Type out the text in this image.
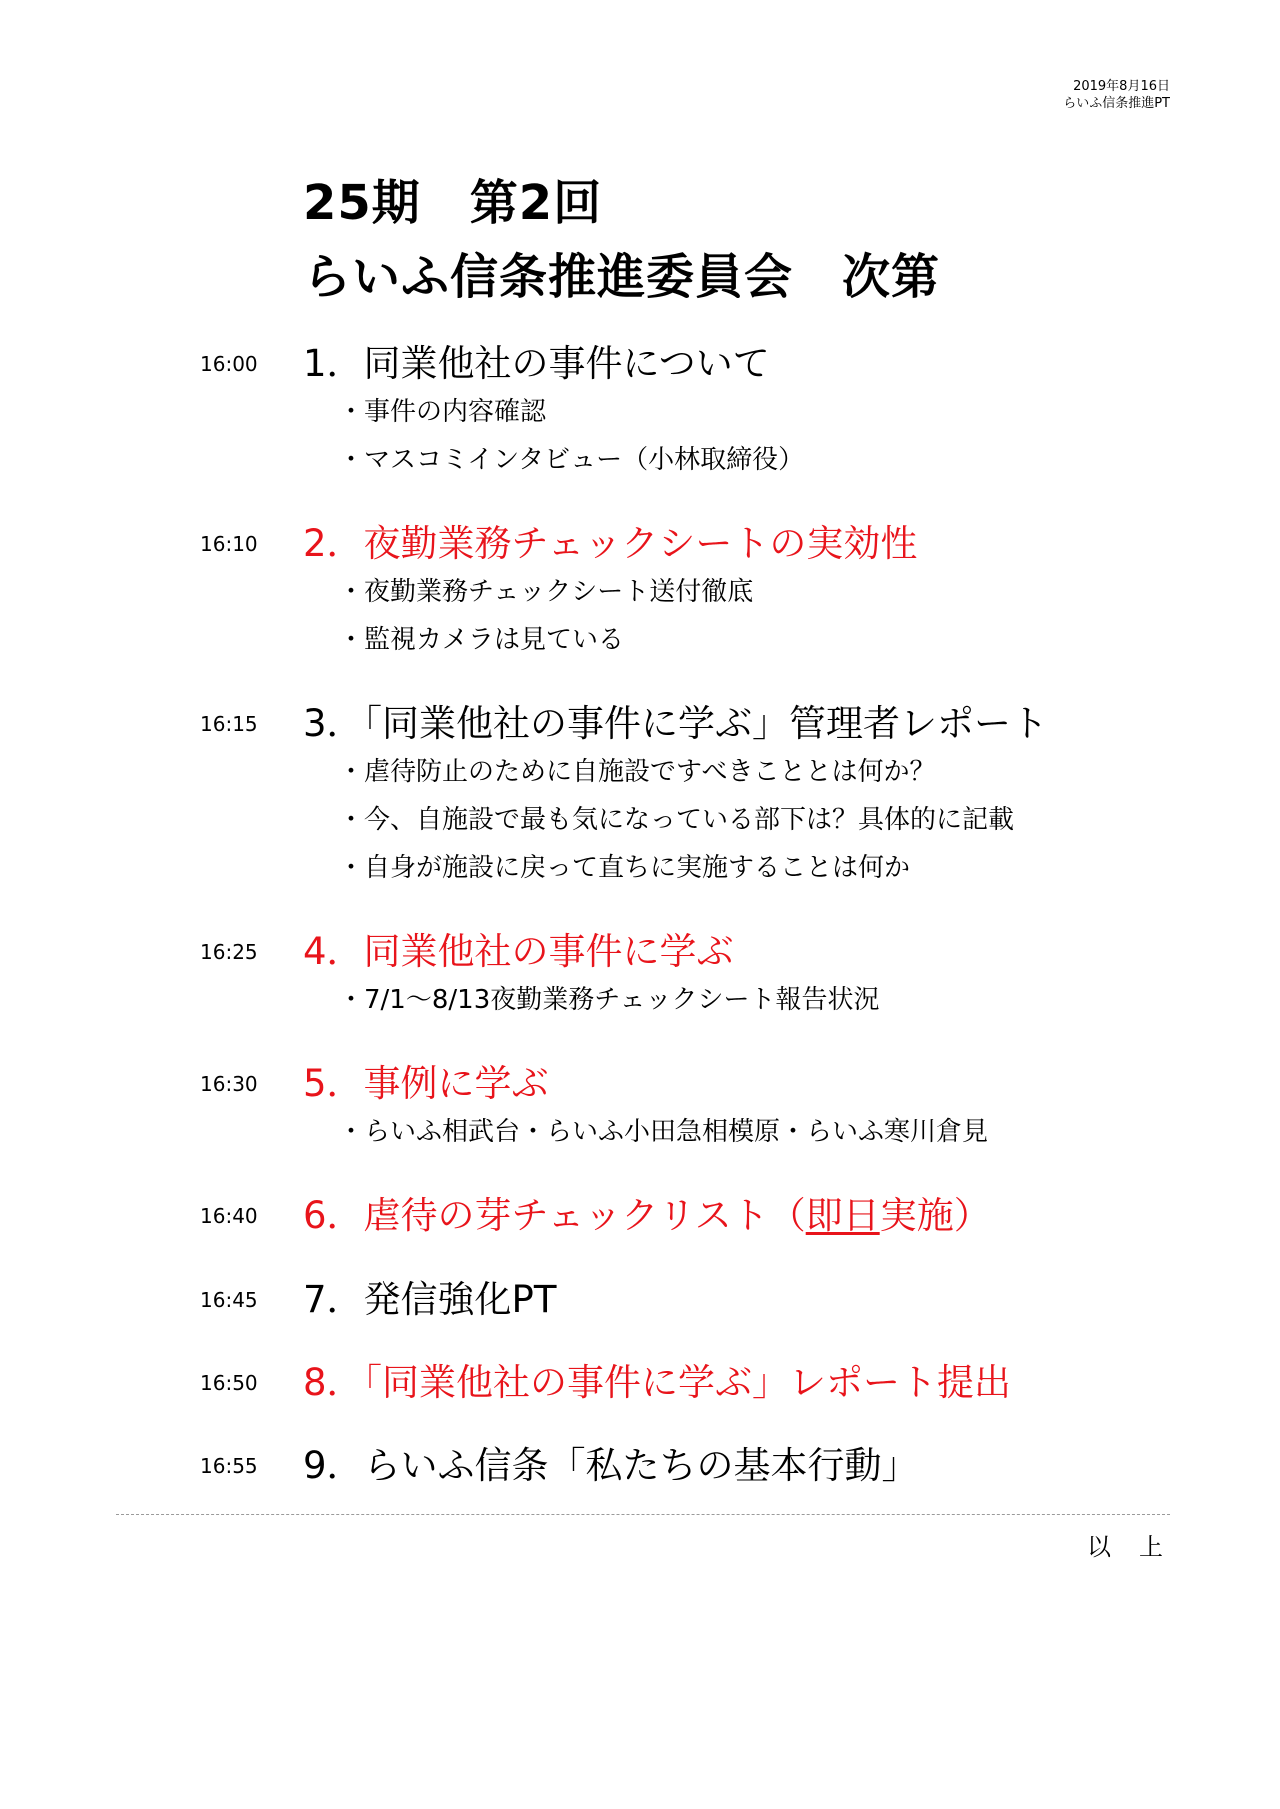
2019年8月16日
らいふ信条推進PT
25期　第2回
らいふ信条推進委員会　次第
16:00 1．同業他社の事件について
・事件の内容確認
・マスコミインタビュー（小林取締役）
16:10 2．夜勤業務チェックシートの実効性
・夜勤業務チェックシート送付徹底
・監視カメラは見ている
16:15 3．「同業他社の事件に学ぶ」管理者レポート
・虐待防止のために自施設ですべきこととは何か？
・今、自施設で最も気になっている部下は？具体的に記載
・自身が施設に戻って直ちに実施することは何か
16:25 4．同業他社の事件に学ぶ
・7/1〜8/13夜勤業務チェックシート報告状況
16:30 5．事例に学ぶ
・らいふ相武台・らいふ小田急相模原・らいふ寒川倉見
16:40 6．虐待の芽チェックリスト（即日実施）
16:45 7．発信強化PT
16:50 8．「同業他社の事件に学ぶ」レポート提出
16:55 9．らいふ信条「私たちの基本行動」
以　上
